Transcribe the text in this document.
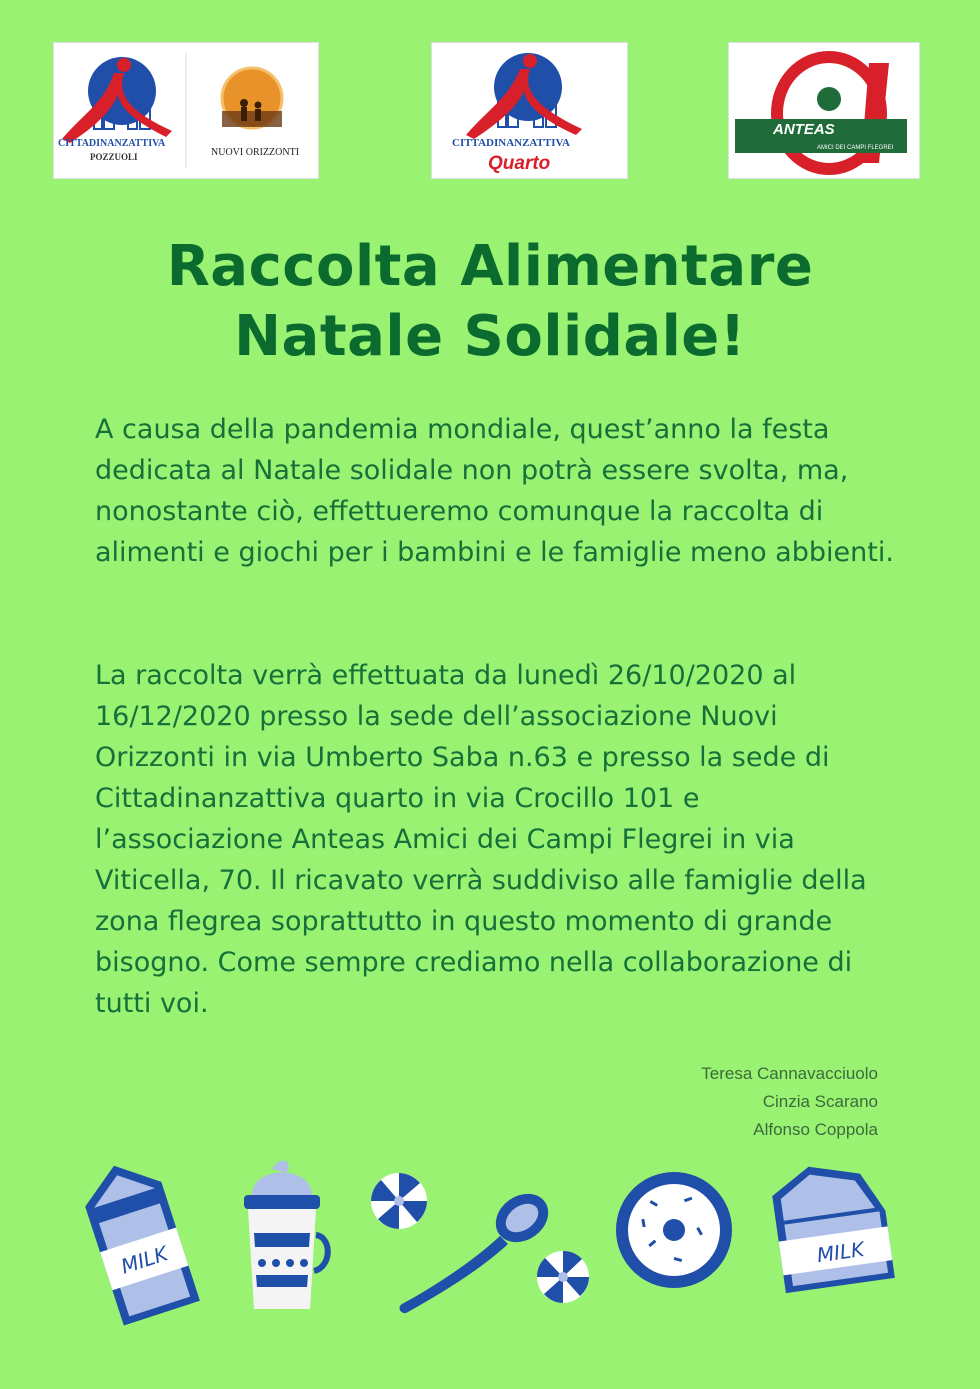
CITTADINANZATTIVA
POZZUOLI	NUOVI ORIZZONTI
CITTADINANZATTIVA
Quarto
ANTEAS
AMICI DEI CAMPI FLEGREI
Raccolta Alimentare
Natale Solidale!
A causa della pandemia mondiale, quest’anno la festa dedicata al Natale solidale non potrà essere svolta, ma, nonostante ciò, effettueremo comunque la raccolta di alimenti e giochi per i bambini e le famiglie meno abbienti.
La raccolta verrà effettuata da lunedì 26/10/2020 al 16/12/2020 presso la sede dell’associazione Nuovi Orizzonti in via Umberto Saba n.63 e presso la sede di Cittadinanzattiva quarto in via Crocillo 101 e l’associazione Anteas Amici dei Campi Flegrei in via Viticella, 70. Il ricavato verrà suddiviso alle famiglie della zona flegrea soprattutto in questo momento di grande bisogno. Come sempre crediamo nella collaborazione di tutti voi.
Teresa Cannavacciuolo
Cinzia Scarano
Alfonso Coppola
MILK	MILK
